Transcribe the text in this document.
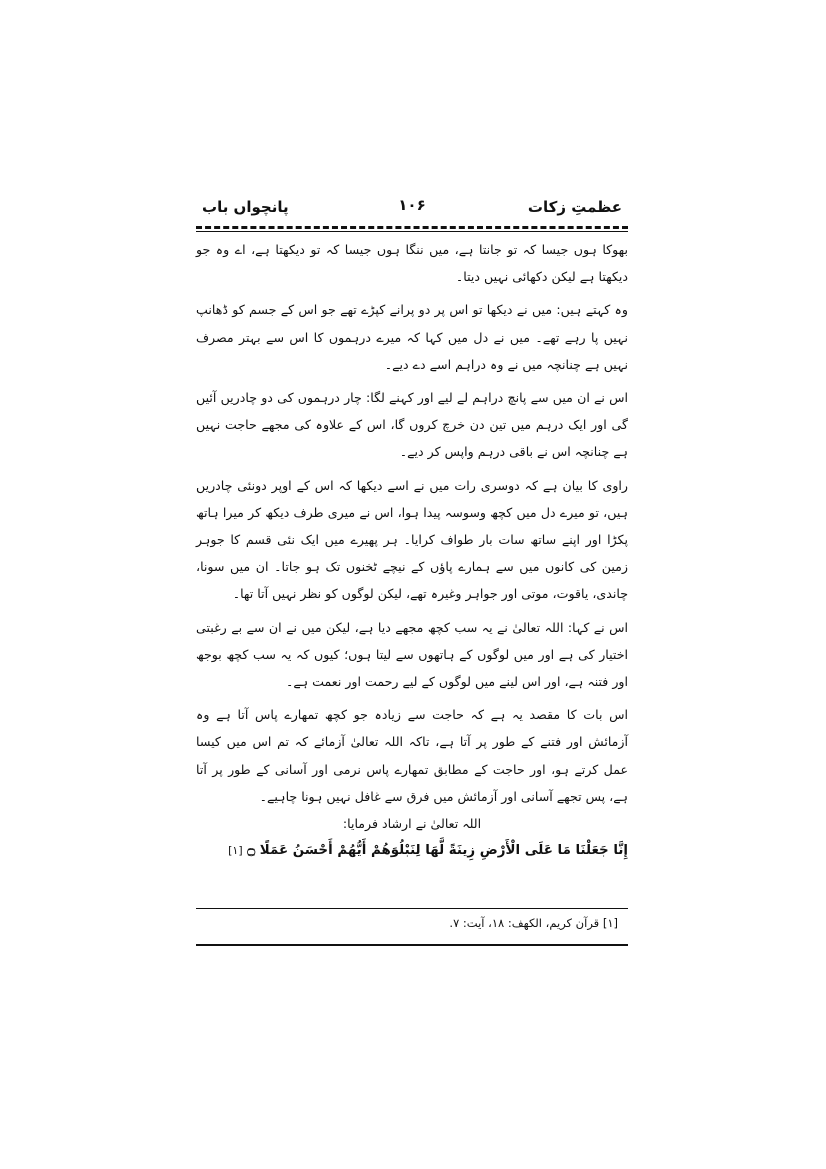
عظمتِ زکات
۱۰۶
پانچواں باب

بھوکا ہوں جیسا کہ تو جانتا ہے، میں ننگا ہوں جیسا کہ تو دیکھتا ہے، اے وہ جو دیکھتا ہے لیکن دکھائی نہیں دیتا۔

وہ کہتے ہیں: میں نے دیکھا تو اس پر دو پرانے کپڑے تھے جو اس کے جسم کو ڈھانپ نہیں پا رہے تھے۔ میں نے دل میں کہا کہ میرے درہموں کا اس سے بہتر مصرف نہیں ہے چنانچہ میں نے وہ دراہم اسے دے دیے۔

اس نے ان میں سے پانچ دراہم لے لیے اور کہنے لگا: چار درہموں کی دو چادریں آئیں گی اور ایک درہم میں تین دن خرچ کروں گا، اس کے علاوہ کی مجھے حاجت نہیں ہے چنانچہ اس نے باقی درہم واپس کر دیے۔

راوی کا بیان ہے کہ دوسری رات میں نے اسے دیکھا کہ اس کے اوپر دونئی چادریں ہیں، تو میرے دل میں کچھ وسوسہ پیدا ہوا، اس نے میری طرف دیکھ کر میرا ہاتھ پکڑا اور اپنے ساتھ سات بار طواف کرایا۔ ہر پھیرے میں ایک نئی قسم کا جوہر زمین کی کانوں میں سے ہمارے پاؤں کے نیچے ٹخنوں تک ہو جاتا۔ ان میں سونا، چاندی، یاقوت، موتی اور جواہر وغیرہ تھے، لیکن لوگوں کو نظر نہیں آتا تھا۔

اس نے کہا: اللہ تعالیٰ نے یہ سب کچھ مجھے دیا ہے، لیکن میں نے ان سے بے رغبتی اختیار کی ہے اور میں لوگوں کے ہاتھوں سے لیتا ہوں؛ کیوں کہ یہ سب کچھ بوجھ اور فتنہ ہے، اور اس لینے میں لوگوں کے لیے رحمت اور نعمت ہے۔

اس بات کا مقصد یہ ہے کہ حاجت سے زیادہ جو کچھ تمھارے پاس آتا ہے وہ آزمائش اور فتنے کے طور پر آتا ہے، تاکہ اللہ تعالیٰ آزمائے کہ تم اس میں کیسا عمل کرتے ہو، اور حاجت کے مطابق تمھارے پاس نرمی اور آسانی کے طور پر آتا ہے، پس تجھے آسانی اور آزمائش میں فرق سے غافل نہیں ہونا چاہیے۔

اللہ تعالیٰ نے ارشاد فرمایا:

إِنَّا جَعَلْنَا مَا عَلَى الْأَرْضِ زِينَةً لَّهَا لِنَبْلُوَهُمْ أَيُّهُمْ أَحْسَنُ عَمَلًا ۝ [۱]

[۱] قرآن کریم، الکهف: ۱۸، آیت: ۷.
